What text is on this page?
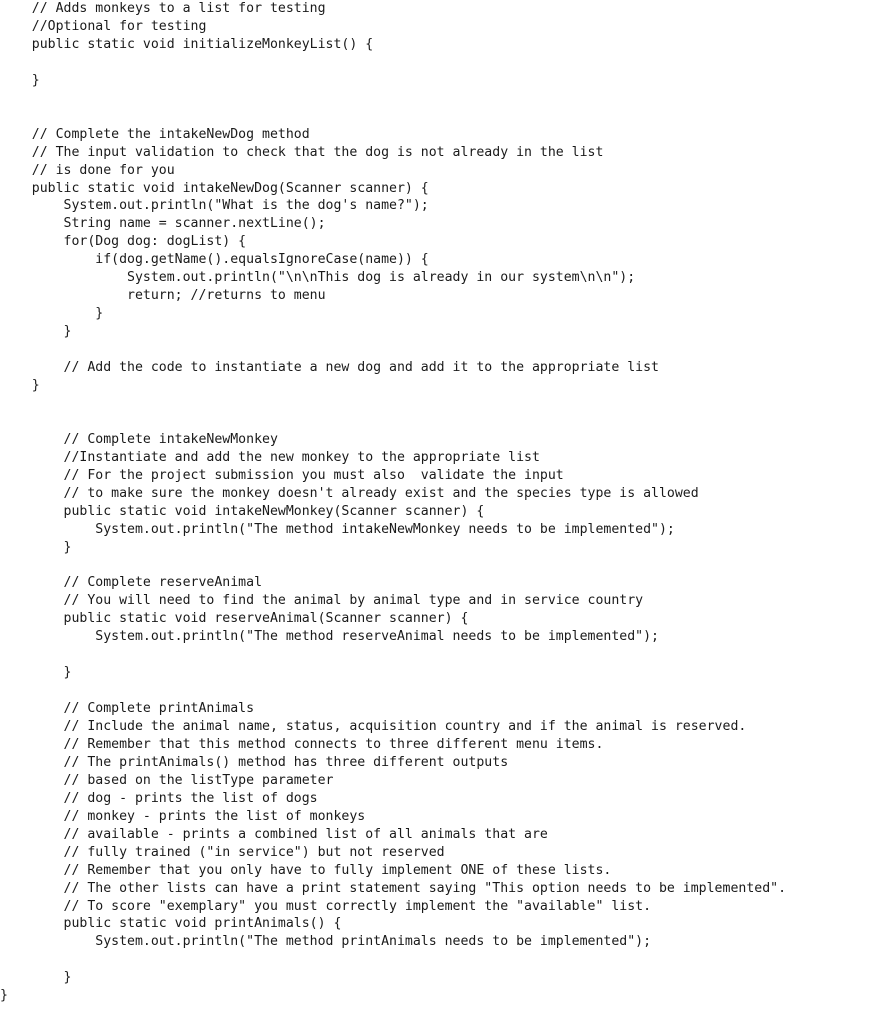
// Adds monkeys to a list for testing
//Optional for testing
public static void initializeMonkeyList() {
}
// Complete the intakeNewDog method
// The input validation to check that the dog is not already in the list
// is done for you
public static void intakeNewDog(Scanner scanner) {
System.out.println("What is the dog's name?");
String name = scanner.nextLine();
for(Dog dog: dogList) {
if(dog.getName().equalsIgnoreCase(name)) {
System.out.println("\n\nThis dog is already in our system\n\n");
return; //returns to menu
}
}
// Add the code to instantiate a new dog and add it to the appropriate list
}
// Complete intakeNewMonkey
//Instantiate and add the new monkey to the appropriate list
// For the project submission you must also  validate the input
// to make sure the monkey doesn't already exist and the species type is allowed
public static void intakeNewMonkey(Scanner scanner) {
System.out.println("The method intakeNewMonkey needs to be implemented");
}
// Complete reserveAnimal
// You will need to find the animal by animal type and in service country
public static void reserveAnimal(Scanner scanner) {
System.out.println("The method reserveAnimal needs to be implemented");
}
// Complete printAnimals
// Include the animal name, status, acquisition country and if the animal is reserved.
// Remember that this method connects to three different menu items.
// The printAnimals() method has three different outputs
// based on the listType parameter
// dog - prints the list of dogs
// monkey - prints the list of monkeys
// available - prints a combined list of all animals that are
// fully trained ("in service") but not reserved
// Remember that you only have to fully implement ONE of these lists.
// The other lists can have a print statement saying "This option needs to be implemented".
// To score "exemplary" you must correctly implement the "available" list.
public static void printAnimals() {
System.out.println("The method printAnimals needs to be implemented");
}
}
